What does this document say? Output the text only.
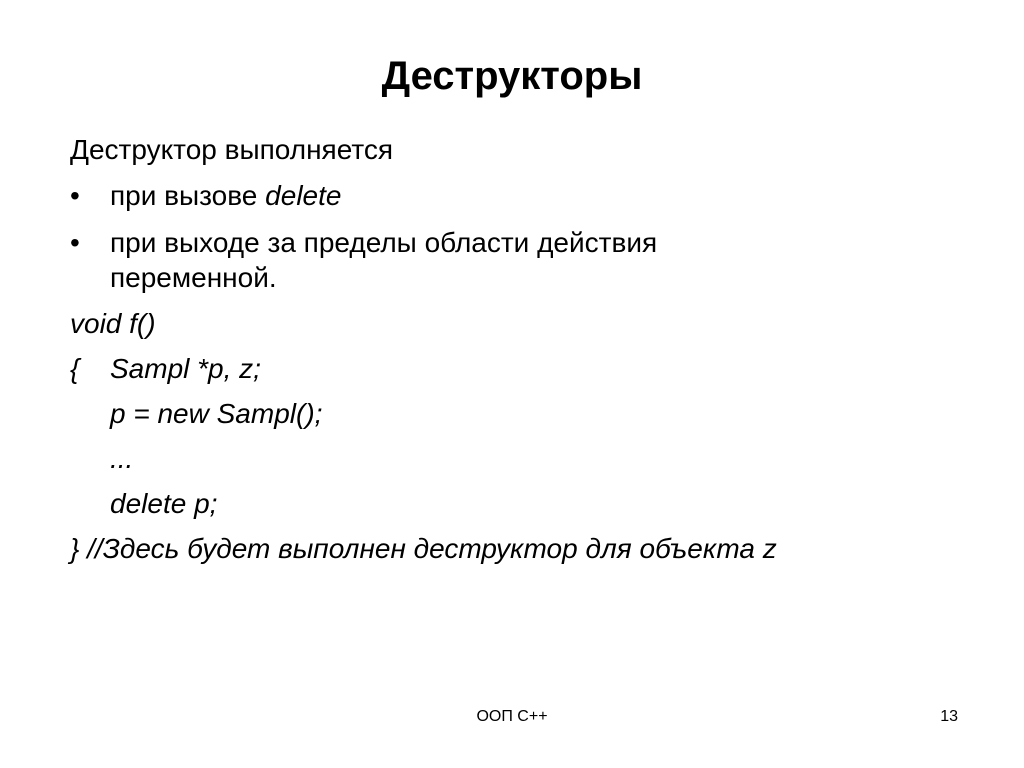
Деструкторы
Деструктор выполняется
• при вызове delete
• при выходе за пределы области действия
переменной.
void f()
{ Sampl *p, z;
p = new Sampl();
...
delete p;
} //Здесь будет выполнен деструктор для объекта z
ООП С++	13
